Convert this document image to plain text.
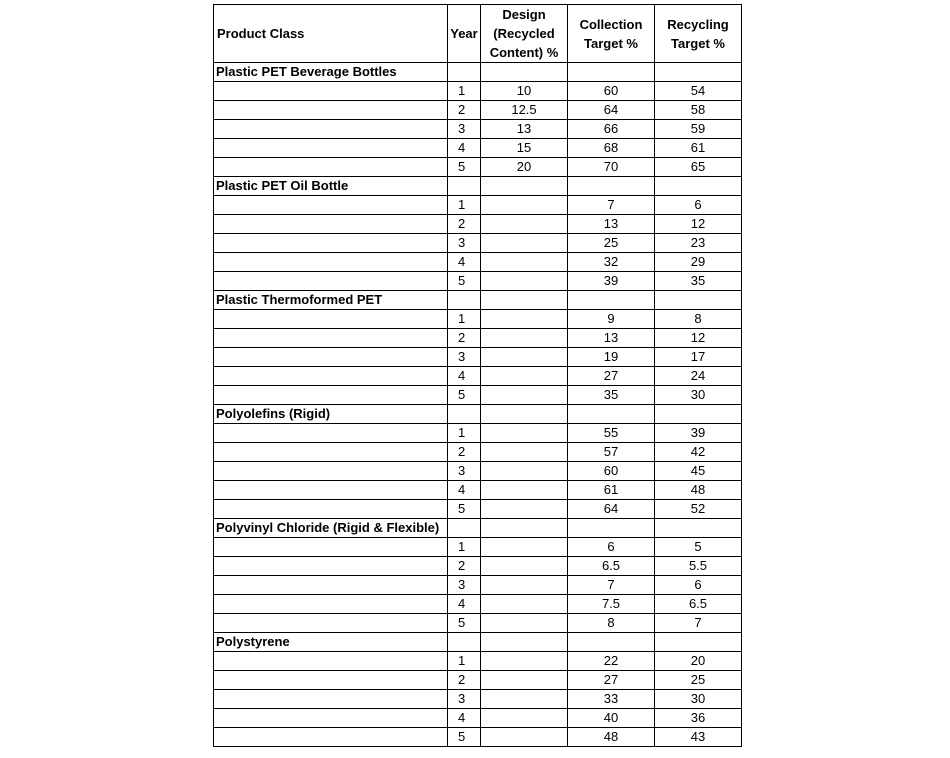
Product Class	Year	Design (Recycled Content) %	Collection Target %	Recycling Target %
Plastic PET Beverage Bottles				
	1	10	60	54
	2	12.5	64	58
	3	13	66	59
	4	15	68	61
	5	20	70	65
Plastic PET Oil Bottle				
	1		7	6
	2		13	12
	3		25	23
	4		32	29
	5		39	35
Plastic Thermoformed PET				
	1		9	8
	2		13	12
	3		19	17
	4		27	24
	5		35	30
Polyolefins (Rigid)				
	1		55	39
	2		57	42
	3		60	45
	4		61	48
	5		64	52
Polyvinyl Chloride (Rigid & Flexible)				
	1		6	5
	2		6.5	5.5
	3		7	6
	4		7.5	6.5
	5		8	7
Polystyrene				
	1		22	20
	2		27	25
	3		33	30
	4		40	36
	5		48	43
